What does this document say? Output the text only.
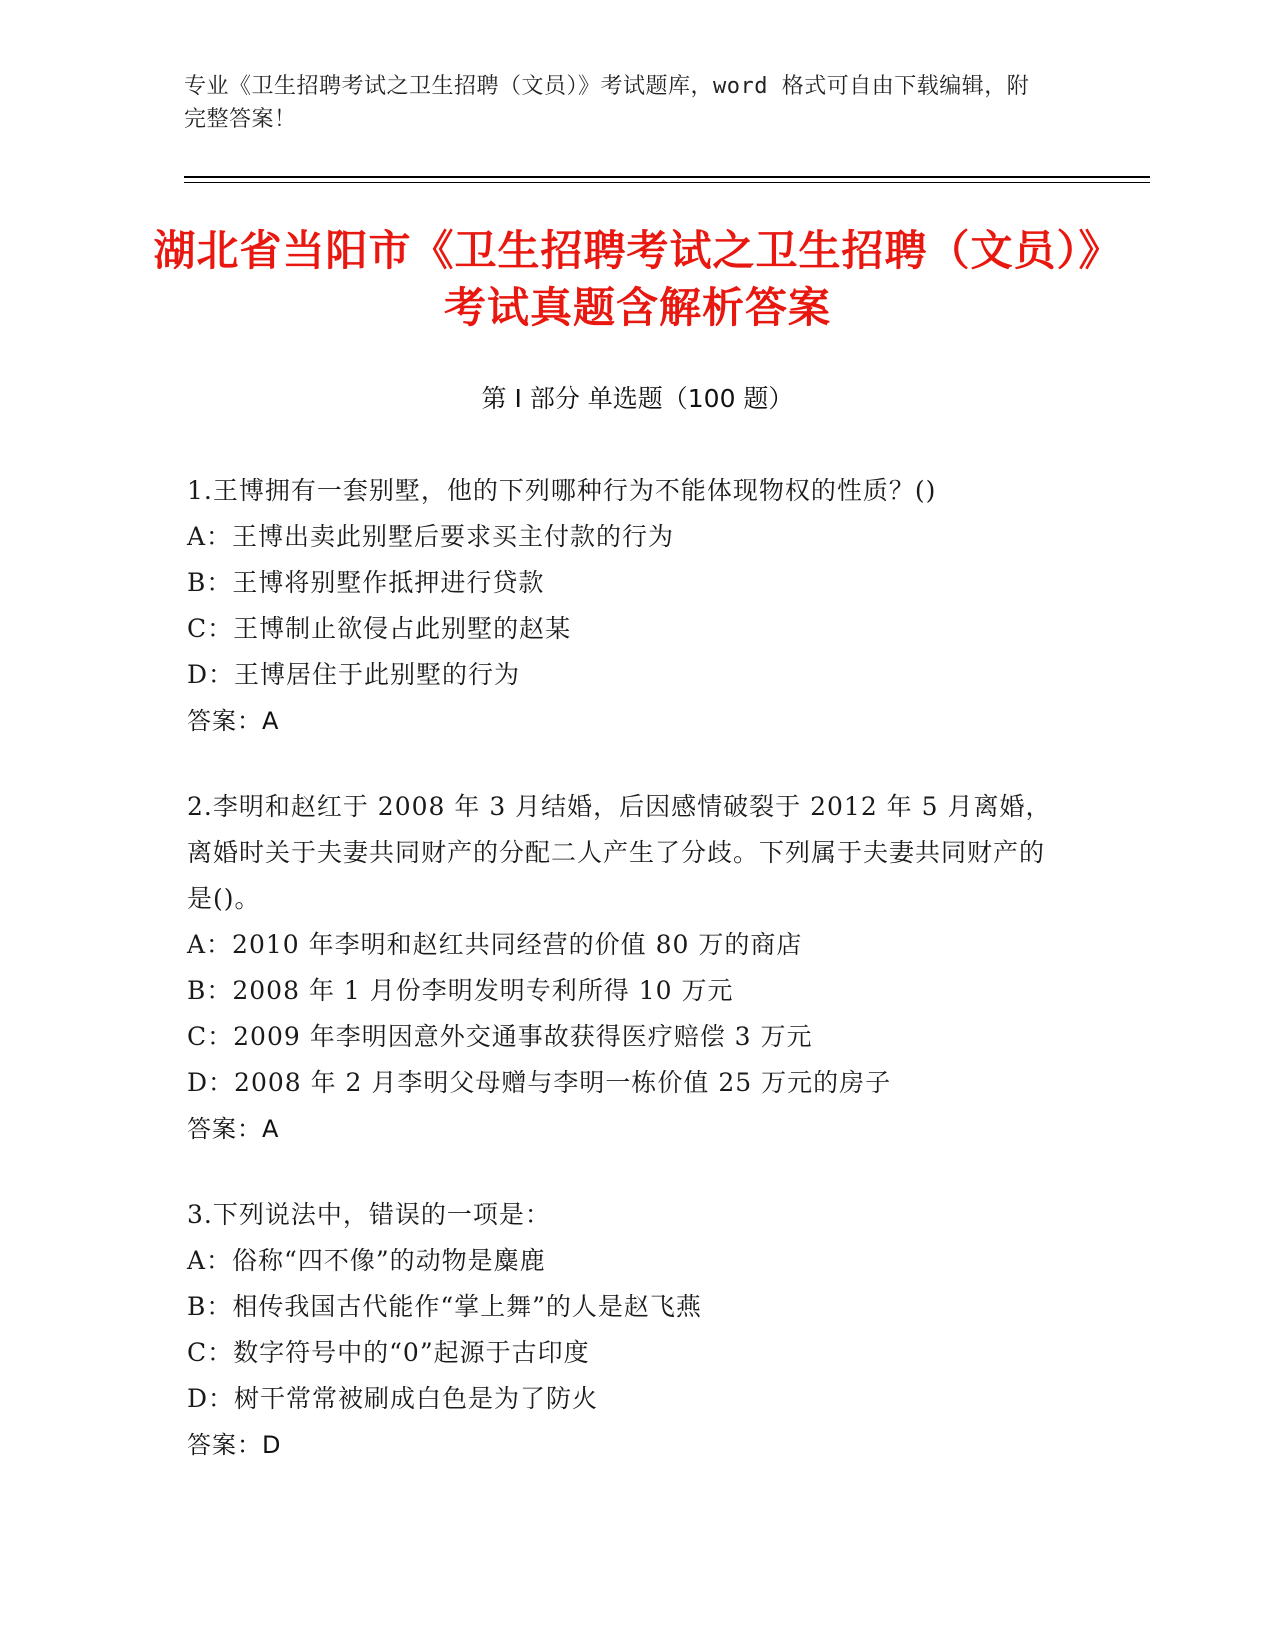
专业《卫生招聘考试之卫生招聘（文员）》考试题库，word 格式可自由下载编辑，附完整答案！
湖北省当阳市《卫生招聘考试之卫生招聘（文员）》考试真题含解析答案
第 I 部分 单选题（100 题）

1.王博拥有一套别墅，他的下列哪种行为不能体现物权的性质？()

A：王博出卖此别墅后要求买主付款的行为

B：王博将别墅作抵押进行贷款

C：王博制止欲侵占此别墅的赵某

D：王博居住于此别墅的行为

答案：A

2.李明和赵红于 2008 年 3 月结婚，后因感情破裂于 2012 年 5 月离婚，离婚时关于夫妻共同财产的分配二人产生了分歧。下列属于夫妻共同财产的是()。

A：2010 年李明和赵红共同经营的价值 80 万的商店

B：2008 年 1 月份李明发明专利所得 10 万元

C：2009 年李明因意外交通事故获得医疗赔偿 3 万元

D：2008 年 2 月李明父母赠与李明一栋价值 25 万元的房子

答案：A

3.下列说法中，错误的一项是：

A：俗称“四不像”的动物是麋鹿

B：相传我国古代能作“掌上舞”的人是赵飞燕

C：数字符号中的“0”起源于古印度

D：树干常常被刷成白色是为了防火

答案：D
